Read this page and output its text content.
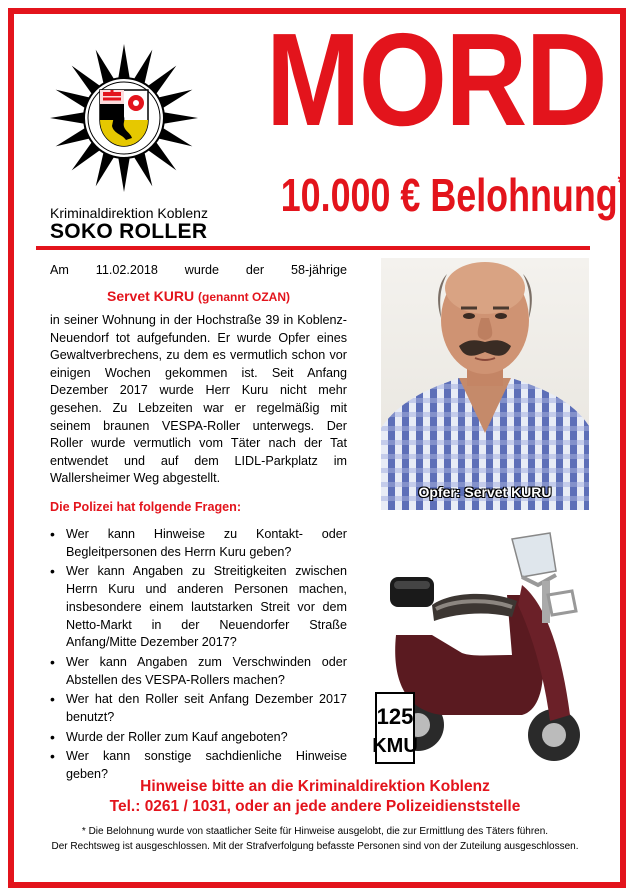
Kriminaldirektion Koblenz
SOKO ROLLER
MORD
10.000 € Belohnung*
Am 11.02.2018 wurde der 58-jährige
Servet KURU (genannt OZAN)
in seiner Wohnung in der Hochstraße 39 in Koblenz-Neuendorf tot aufgefunden. Er wurde Opfer eines Gewaltverbrechens, zu dem es vermutlich schon vor einigen Wochen gekommen ist. Seit Anfang Dezember 2017 wurde Herr Kuru nicht mehr gesehen. Zu Lebzeiten war er regelmäßig mit seinem braunen VESPA-Roller unterwegs. Der Roller wurde vermutlich vom Täter nach der Tat entwendet und auf dem LIDL-Parkplatz im Wallersheimer Weg abgestellt.
Opfer: Servet KURU
Die Polizei hat folgende Fragen:
• Wer kann Hinweise zu Kontakt- oder Begleitpersonen des Herrn Kuru geben?
• Wer kann Angaben zu Streitigkeiten zwischen Herrn Kuru und anderen Personen machen, insbesondere einem lautstarken Streit vor dem Netto-Markt in der Neuendorfer Straße Anfang/Mitte Dezember 2017?
• Wer kann Angaben zum Verschwinden oder Abstellen des VESPA-Rollers machen?
• Wer hat den Roller seit Anfang Dezember 2017 benutzt?
• Wurde der Roller zum Kauf angeboten?
• Wer kann sonstige sachdienliche Hinweise geben?
125
KMU
Hinweise bitte an die Kriminaldirektion Koblenz
Tel.: 0261 / 1031, oder an jede andere Polizeidienststelle
* Die Belohnung wurde von staatlicher Seite für Hinweise ausgelobt, die zur Ermittlung des Täters führen.
Der Rechtsweg ist ausgeschlossen. Mit der Strafverfolgung befasste Personen sind von der Zuteilung ausgeschlossen.
